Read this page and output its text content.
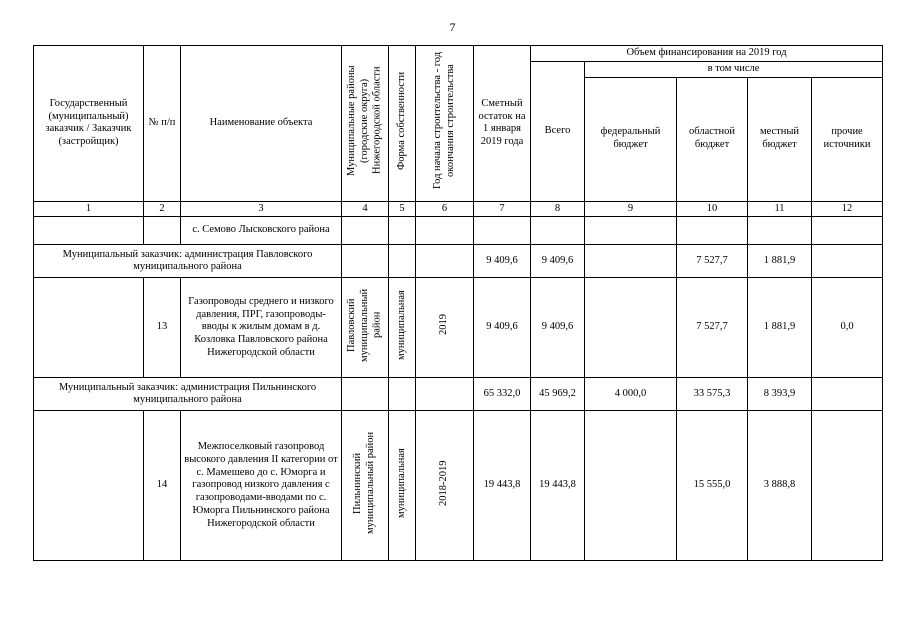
7
Государственный (муниципальный) заказчик / Заказчик (застройщик)	№ п/п	Наименование объекта	Муниципальные районы (городские округа) Нижегородской области	Форма собственности	Год начала строительства - год окончания строительства	Сметный остаток на 1 января 2019 года	Объем финансирования на 2019 год				
							Всего	в том числе			
								федеральный бюджет	областной бюджет	местный бюджет	прочие источники
1	2	3	4	5	6	7	8	9	10	11	12
		с. Семово Лысковского района									
Муниципальный заказчик: администрация Павловского муниципального района						9 409,6	9 409,6		7 527,7	1 881,9	
	13	Газопроводы среднего и низкого давления, ПРГ, газопроводы-вводы к жилым домам в д. Козловка Павловского района Нижегородской области	Павловский муниципальный район	муниципальная	2019	9 409,6	9 409,6		7 527,7	1 881,9	0,0
Муниципальный заказчик: администрация Пильнинского муниципального района						65 332,0	45 969,2	4 000,0	33 575,3	8 393,9	
	14	Межпоселковый газопровод высокого давления II категории от с. Мамешево до с. Юморга и газопровод низкого давления с газопроводами-вводами по с. Юморга Пильнинского района Нижегородской области	Пильнинский муниципальный район	муниципальная	2018-2019	19 443,8	19 443,8		15 555,0	3 888,8	
